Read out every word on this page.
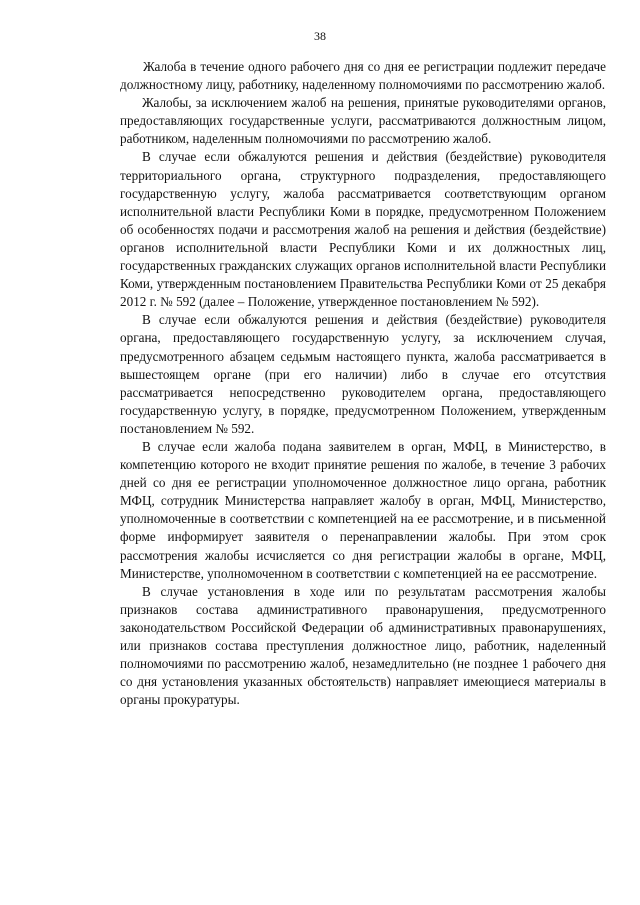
38

Жалоба в течение одного рабочего дня со дня ее регистрации подлежит передаче должностному лицу, работнику, наделенному полномочиями по рассмотрению жалоб.

Жалобы, за исключением жалоб на решения, принятые руководителями органов, предоставляющих государственные услуги, рассматриваются должностным лицом, работником, наделенным полномочиями по рассмотрению жалоб.

В случае если обжалуются решения и действия (бездействие) руководителя территориального органа, структурного подразделения, предоставляющего государственную услугу, жалоба рассматривается соответствующим органом исполнительной власти Республики Коми в порядке, предусмотренном Положением об особенностях подачи и рассмотрения жалоб на решения и действия (бездействие) органов исполнительной власти Республики Коми и их должностных лиц, государственных гражданских служащих органов исполнительной власти Республики Коми, утвержденным постановлением Правительства Республики Коми от 25 декабря 2012 г. № 592 (далее – Положение, утвержденное постановлением № 592).

В случае если обжалуются решения и действия (бездействие) руководителя органа, предоставляющего государственную услугу, за исключением случая, предусмотренного абзацем седьмым настоящего пункта, жалоба рассматривается в вышестоящем органе (при его наличии) либо в случае его отсутствия рассматривается непосредственно руководителем органа, предоставляющего государственную услугу, в порядке, предусмотренном Положением, утвержденным постановлением № 592.

В случае если жалоба подана заявителем в орган, МФЦ, в Министерство, в компетенцию которого не входит принятие решения по жалобе, в течение 3 рабочих дней со дня ее регистрации уполномоченное должностное лицо органа, работник МФЦ, сотрудник Министерства направляет жалобу в орган, МФЦ, Министерство, уполномоченные в соответствии с компетенцией на ее рассмотрение, и в письменной форме информирует заявителя о перенаправлении жалобы. При этом срок рассмотрения жалобы исчисляется со дня регистрации жалобы в органе, МФЦ, Министерстве, уполномоченном в соответствии с компетенцией на ее рассмотрение.

В случае установления в ходе или по результатам рассмотрения жалобы признаков состава административного правонарушения, предусмотренного законодательством Российской Федерации об административных правонарушениях, или признаков состава преступления должностное лицо, работник, наделенный полномочиями по рассмотрению жалоб, незамедлительно (не позднее 1 рабочего дня со дня установления указанных обстоятельств) направляет имеющиеся материалы в органы прокуратуры.
